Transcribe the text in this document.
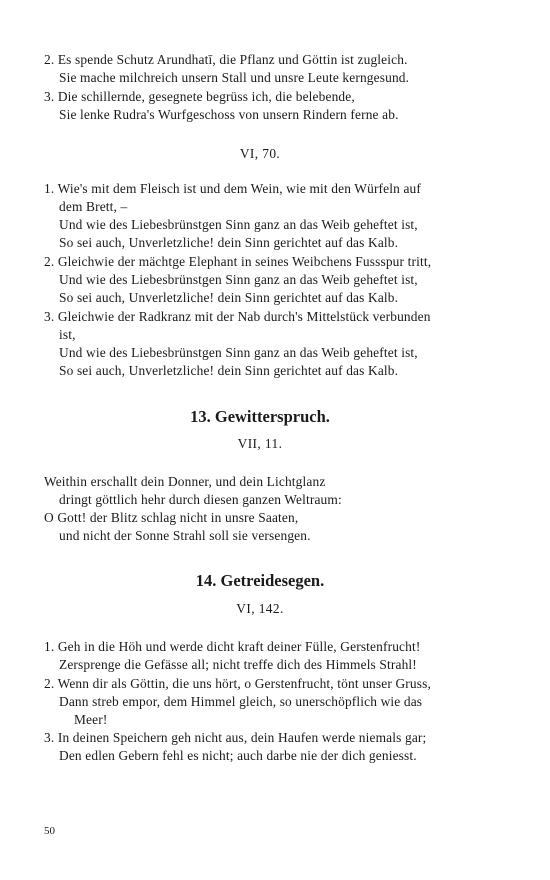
2. Es spende Schutz Arundhatī, die Pflanz und Göttin ist zugleich.
Sie mache milchreich unsern Stall und unsre Leute kerngesund.
3. Die schillernde, gesegnete begrüss ich, die belebende,
Sie lenke Rudra's Wurfgeschoss von unsern Rindern ferne ab.
VI, 70.
1. Wie's mit dem Fleisch ist und dem Wein, wie mit den Würfeln auf
dem Brett, –
Und wie des Liebesbrünstgen Sinn ganz an das Weib geheftet ist,
So sei auch, Unverletzliche! dein Sinn gerichtet auf das Kalb.
2. Gleichwie der mächtge Elephant in seines Weibchens Fussspur tritt,
Und wie des Liebesbrünstgen Sinn ganz an das Weib geheftet ist,
So sei auch, Unverletzliche! dein Sinn gerichtet auf das Kalb.
3. Gleichwie der Radkranz mit der Nab durch's Mittelstück verbunden
ist,
Und wie des Liebesbrünstgen Sinn ganz an das Weib geheftet ist,
So sei auch, Unverletzliche! dein Sinn gerichtet auf das Kalb.
13. Gewitterspruch.
VII, 11.
Weithin erschallt dein Donner, und dein Lichtglanz
dringt göttlich hehr durch diesen ganzen Weltraum:
O Gott! der Blitz schlag nicht in unsre Saaten,
und nicht der Sonne Strahl soll sie versengen.
14. Getreidesegen.
VI, 142.
1. Geh in die Höh und werde dicht kraft deiner Fülle, Gerstenfrucht!
Zersprenge die Gefässe all; nicht treffe dich des Himmels Strahl!
2. Wenn dir als Göttin, die uns hört, o Gerstenfrucht, tönt unser Gruss,
Dann streb empor, dem Himmel gleich, so unerschöpflich wie das
Meer!
3. In deinen Speichern geh nicht aus, dein Haufen werde niemals gar;
Den edlen Gebern fehl es nicht; auch darbe nie der dich geniesst.
50
